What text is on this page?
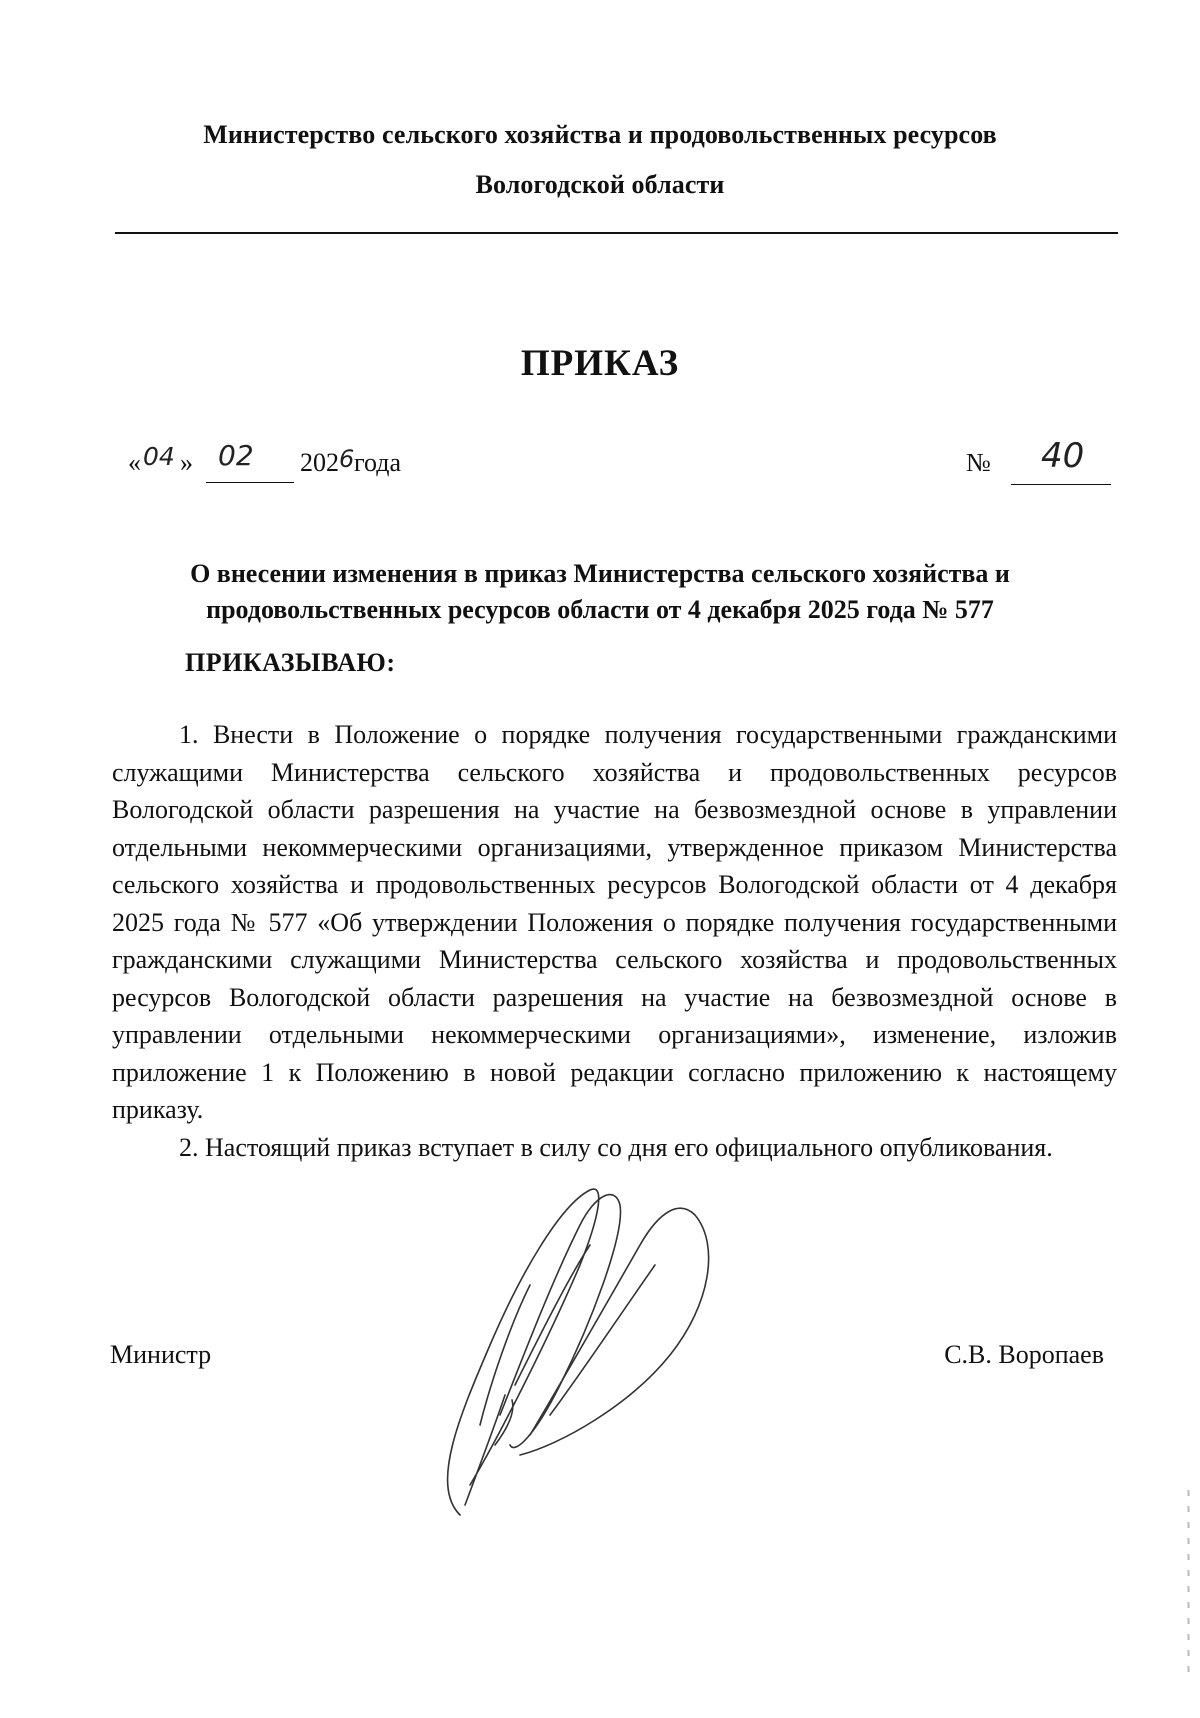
Министерство сельского хозяйства и продовольственных ресурсов
Вологодской области
ПРИКАЗ
« 04 » 02 202 6 года	№ 40
О внесении изменения в приказ Министерства сельского хозяйства и
продовольственных ресурсов области от 4 декабря 2025 года № 577
ПРИКАЗЫВАЮ:

1. Внести в Положение о порядке получения государственными гражданскими служащими Министерства сельского хозяйства и продовольственных ресурсов Вологодской области разрешения на участие на безвозмездной основе в управлении отдельными некоммерческими организациями, утвержденное приказом Министерства сельского хозяйства и продовольственных ресурсов Вологодской области от 4 декабря 2025 года № 577 «Об утверждении Положения о порядке получения государственными гражданскими служащими Министерства сельского хозяйства и продовольственных ресурсов Вологодской области разрешения на участие на безвозмездной основе в управлении отдельными некоммерческими организациями», изменение, изложив приложение 1 к Положению в новой редакции согласно приложению к настоящему приказу.

2. Настоящий приказ вступает в силу со дня его официального опубликования.

Министр	С.В. Воропаев
